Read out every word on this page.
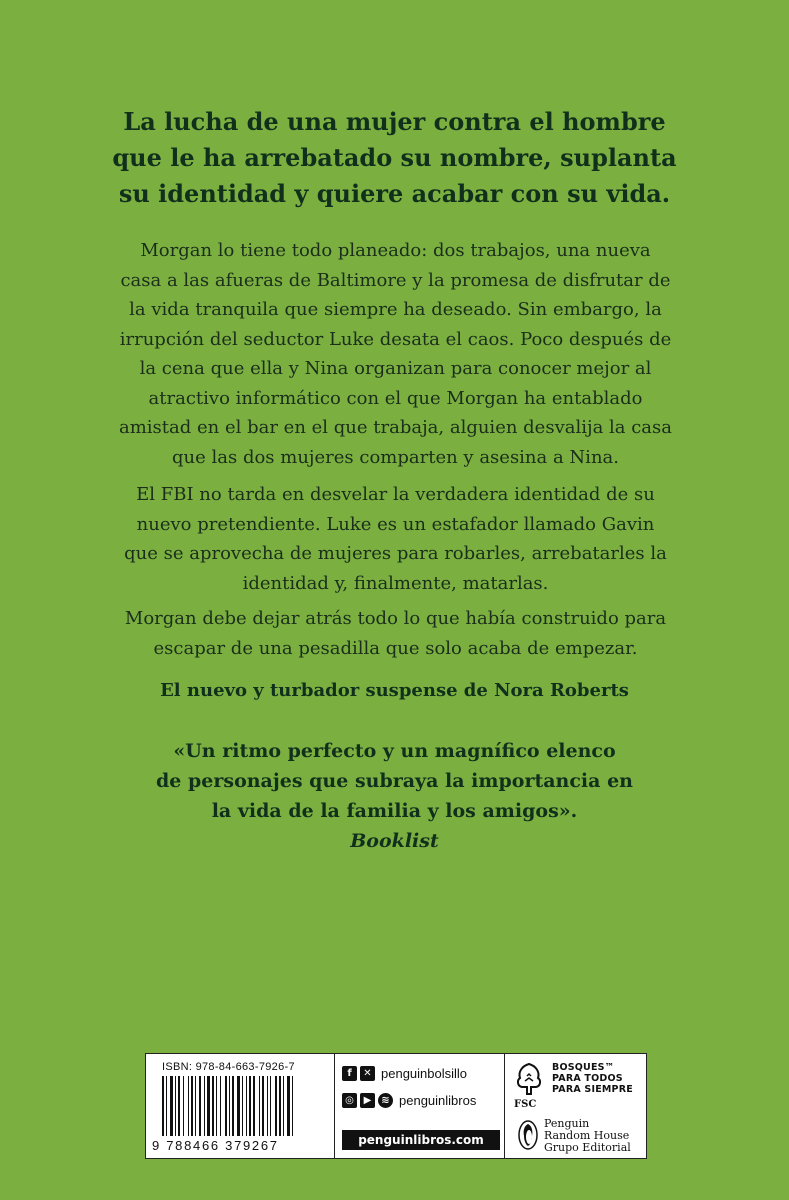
La lucha de una mujer contra el hombre
que le ha arrebatado su nombre, suplanta
su identidad y quiere acabar con su vida.
Morgan lo tiene todo planeado: dos trabajos, una nueva casa a las afueras de Baltimore y la promesa de disfrutar de la vida tranquila que siempre ha deseado. Sin embargo, la irrupción del seductor Luke desata el caos. Poco después de la cena que ella y Nina organizan para conocer mejor al atractivo informático con el que Morgan ha entablado amistad en el bar en el que trabaja, alguien desvalija la casa que las dos mujeres comparten y asesina a Nina.
El FBI no tarda en desvelar la verdadera identidad de su nuevo pretendiente. Luke es un estafador llamado Gavin que se aprovecha de mujeres para robarles, arrebatarles la identidad y, finalmente, matarlas.
Morgan debe dejar atrás todo lo que había construido para escapar de una pesadilla que solo acaba de empezar.
El nuevo y turbador suspense de Nora Roberts
«Un ritmo perfecto y un magnífico elenco
de personajes que subraya la importancia en
la vida de la familia y los amigos».
Booklist
ISBN: 978-84-663-7926-7
9 788466 379267
f	✕ penguinbolsillo
◎ ▶ ≋ penguinlibros
penguinlibros.com
FSC
BOSQUES™
PARA TODOS
PARA SIEMPRE
Penguin
Random House
Grupo Editorial
